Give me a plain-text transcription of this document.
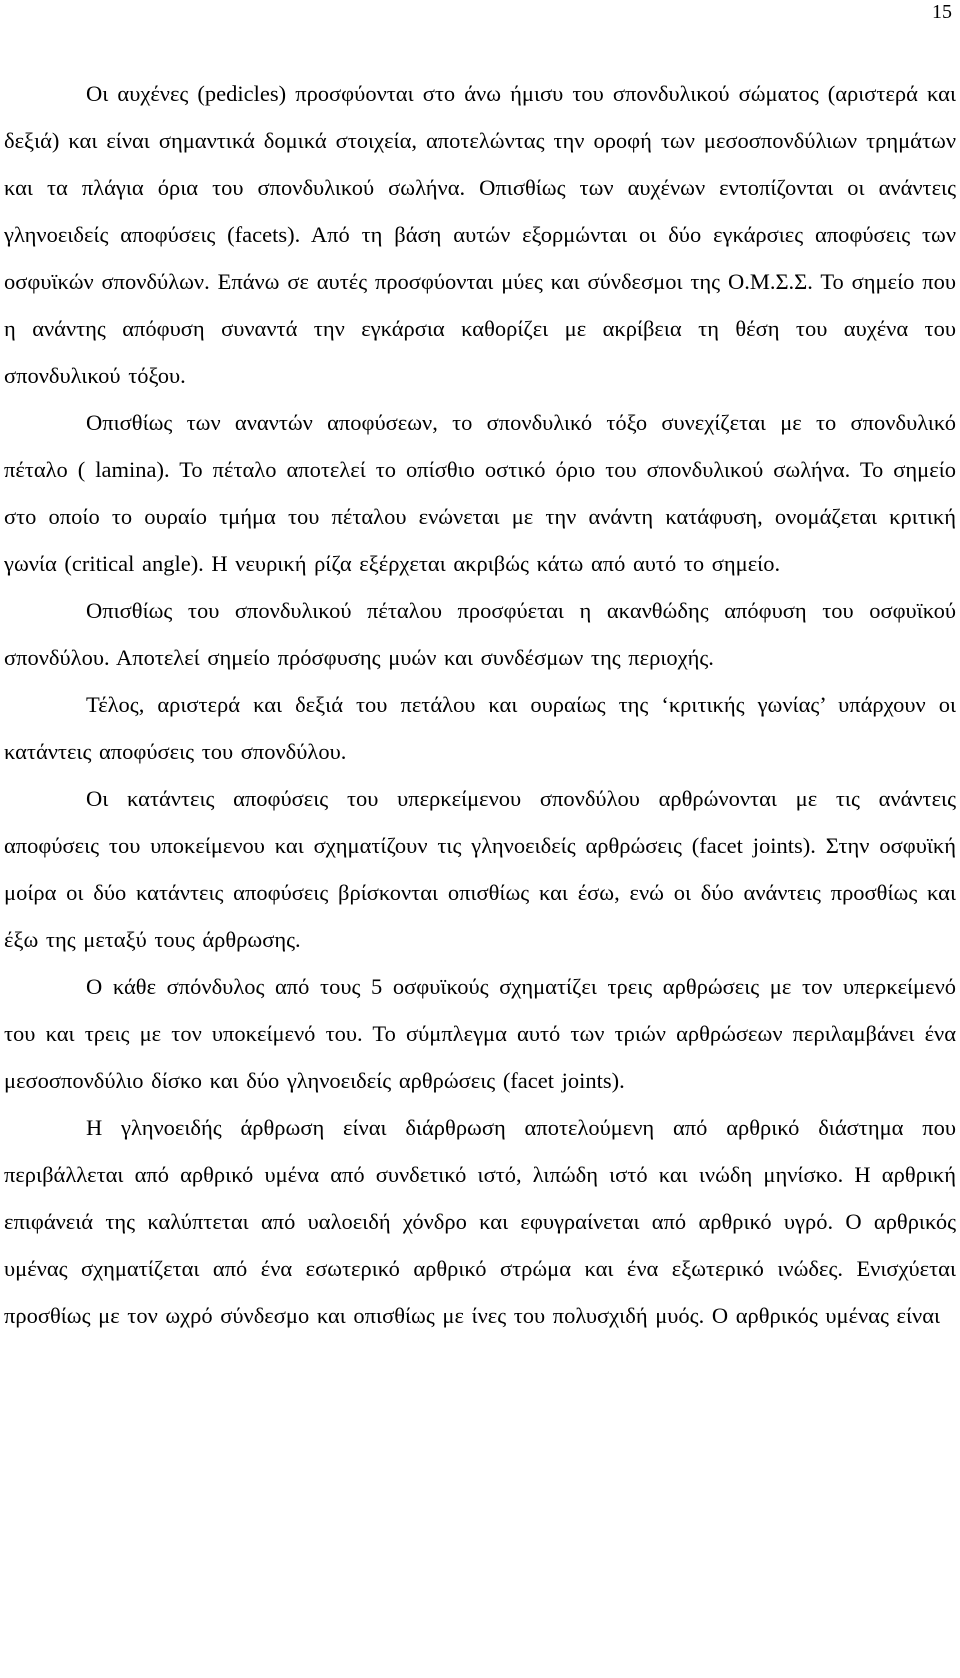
15

Οι αυχένες (pedicles) προσφύονται στο άνω ήμισυ του σπονδυλικού σώματος (αριστερά και δεξιά) και είναι σημαντικά δομικά στοιχεία, αποτελώντας την οροφή των μεσοσπονδύλιων τρημάτων και τα πλάγια όρια του σπονδυλικού σωλήνα. Οπισθίως των αυχένων εντοπίζονται οι ανάντεις γληνοειδείς αποφύσεις (facets). Από τη βάση αυτών εξορμώνται οι δύο εγκάρσιες αποφύσεις των οσφυϊκών σπονδύλων. Επάνω σε αυτές προσφύονται μύες και σύνδεσμοι της Ο.Μ.Σ.Σ. Το σημείο που η ανάντης απόφυση συναντά την εγκάρσια καθορίζει με ακρίβεια τη θέση του αυχένα του σπονδυλικού τόξου.

Οπισθίως των αναντών αποφύσεων, το σπονδυλικό τόξο συνεχίζεται με το σπονδυλικό πέταλο ( lamina). Το πέταλο αποτελεί το οπίσθιο οστικό όριο του σπονδυλικού σωλήνα. Το σημείο στο οποίο το ουραίο τμήμα του πέταλου ενώνεται με την ανάντη κατάφυση, ονομάζεται κριτική γωνία (critical angle). Η νευρική ρίζα εξέρχεται ακριβώς κάτω από αυτό το σημείο.

Οπισθίως του σπονδυλικού πέταλου προσφύεται η ακανθώδης απόφυση του οσφυϊκού σπονδύλου. Αποτελεί σημείο πρόσφυσης μυών και συνδέσμων της περιοχής.

Τέλος, αριστερά και δεξιά του πετάλου και ουραίως της ‘κριτικής γωνίας’ υπάρχουν οι κατάντεις αποφύσεις του σπονδύλου.

Οι κατάντεις αποφύσεις του υπερκείμενου σπονδύλου αρθρώνονται με τις ανάντεις αποφύσεις του υποκείμενου και σχηματίζουν τις γληνοειδείς αρθρώσεις (facet joints). Στην οσφυϊκή μοίρα οι δύο κατάντεις αποφύσεις βρίσκονται οπισθίως και έσω, ενώ οι δύο ανάντεις προσθίως και έξω της μεταξύ τους άρθρωσης.

Ο κάθε σπόνδυλος από τους 5 οσφυϊκούς σχηματίζει τρεις αρθρώσεις με τον υπερκείμενό του και τρεις με τον υποκείμενό του. Το σύμπλεγμα αυτό των τριών αρθρώσεων περιλαμβάνει ένα μεσοσπονδύλιο δίσκο και δύο γληνοειδείς αρθρώσεις (facet joints).

Η γληνοειδής άρθρωση είναι διάρθρωση αποτελούμενη από αρθρικό διάστημα που περιβάλλεται από αρθρικό υμένα από συνδετικό ιστό, λιπώδη ιστό και ινώδη μηνίσκο. Η αρθρική επιφάνειά της καλύπτεται από υαλοειδή χόνδρο και εφυγραίνεται από αρθρικό υγρό. Ο αρθρικός υμένας σχηματίζεται από ένα εσωτερικό αρθρικό στρώμα και ένα εξωτερικό ινώδες. Ενισχύεται προσθίως με τον ωχρό σύνδεσμο και οπισθίως με ίνες του πολυσχιδή μυός. Ο αρθρικός υμένας είναι
